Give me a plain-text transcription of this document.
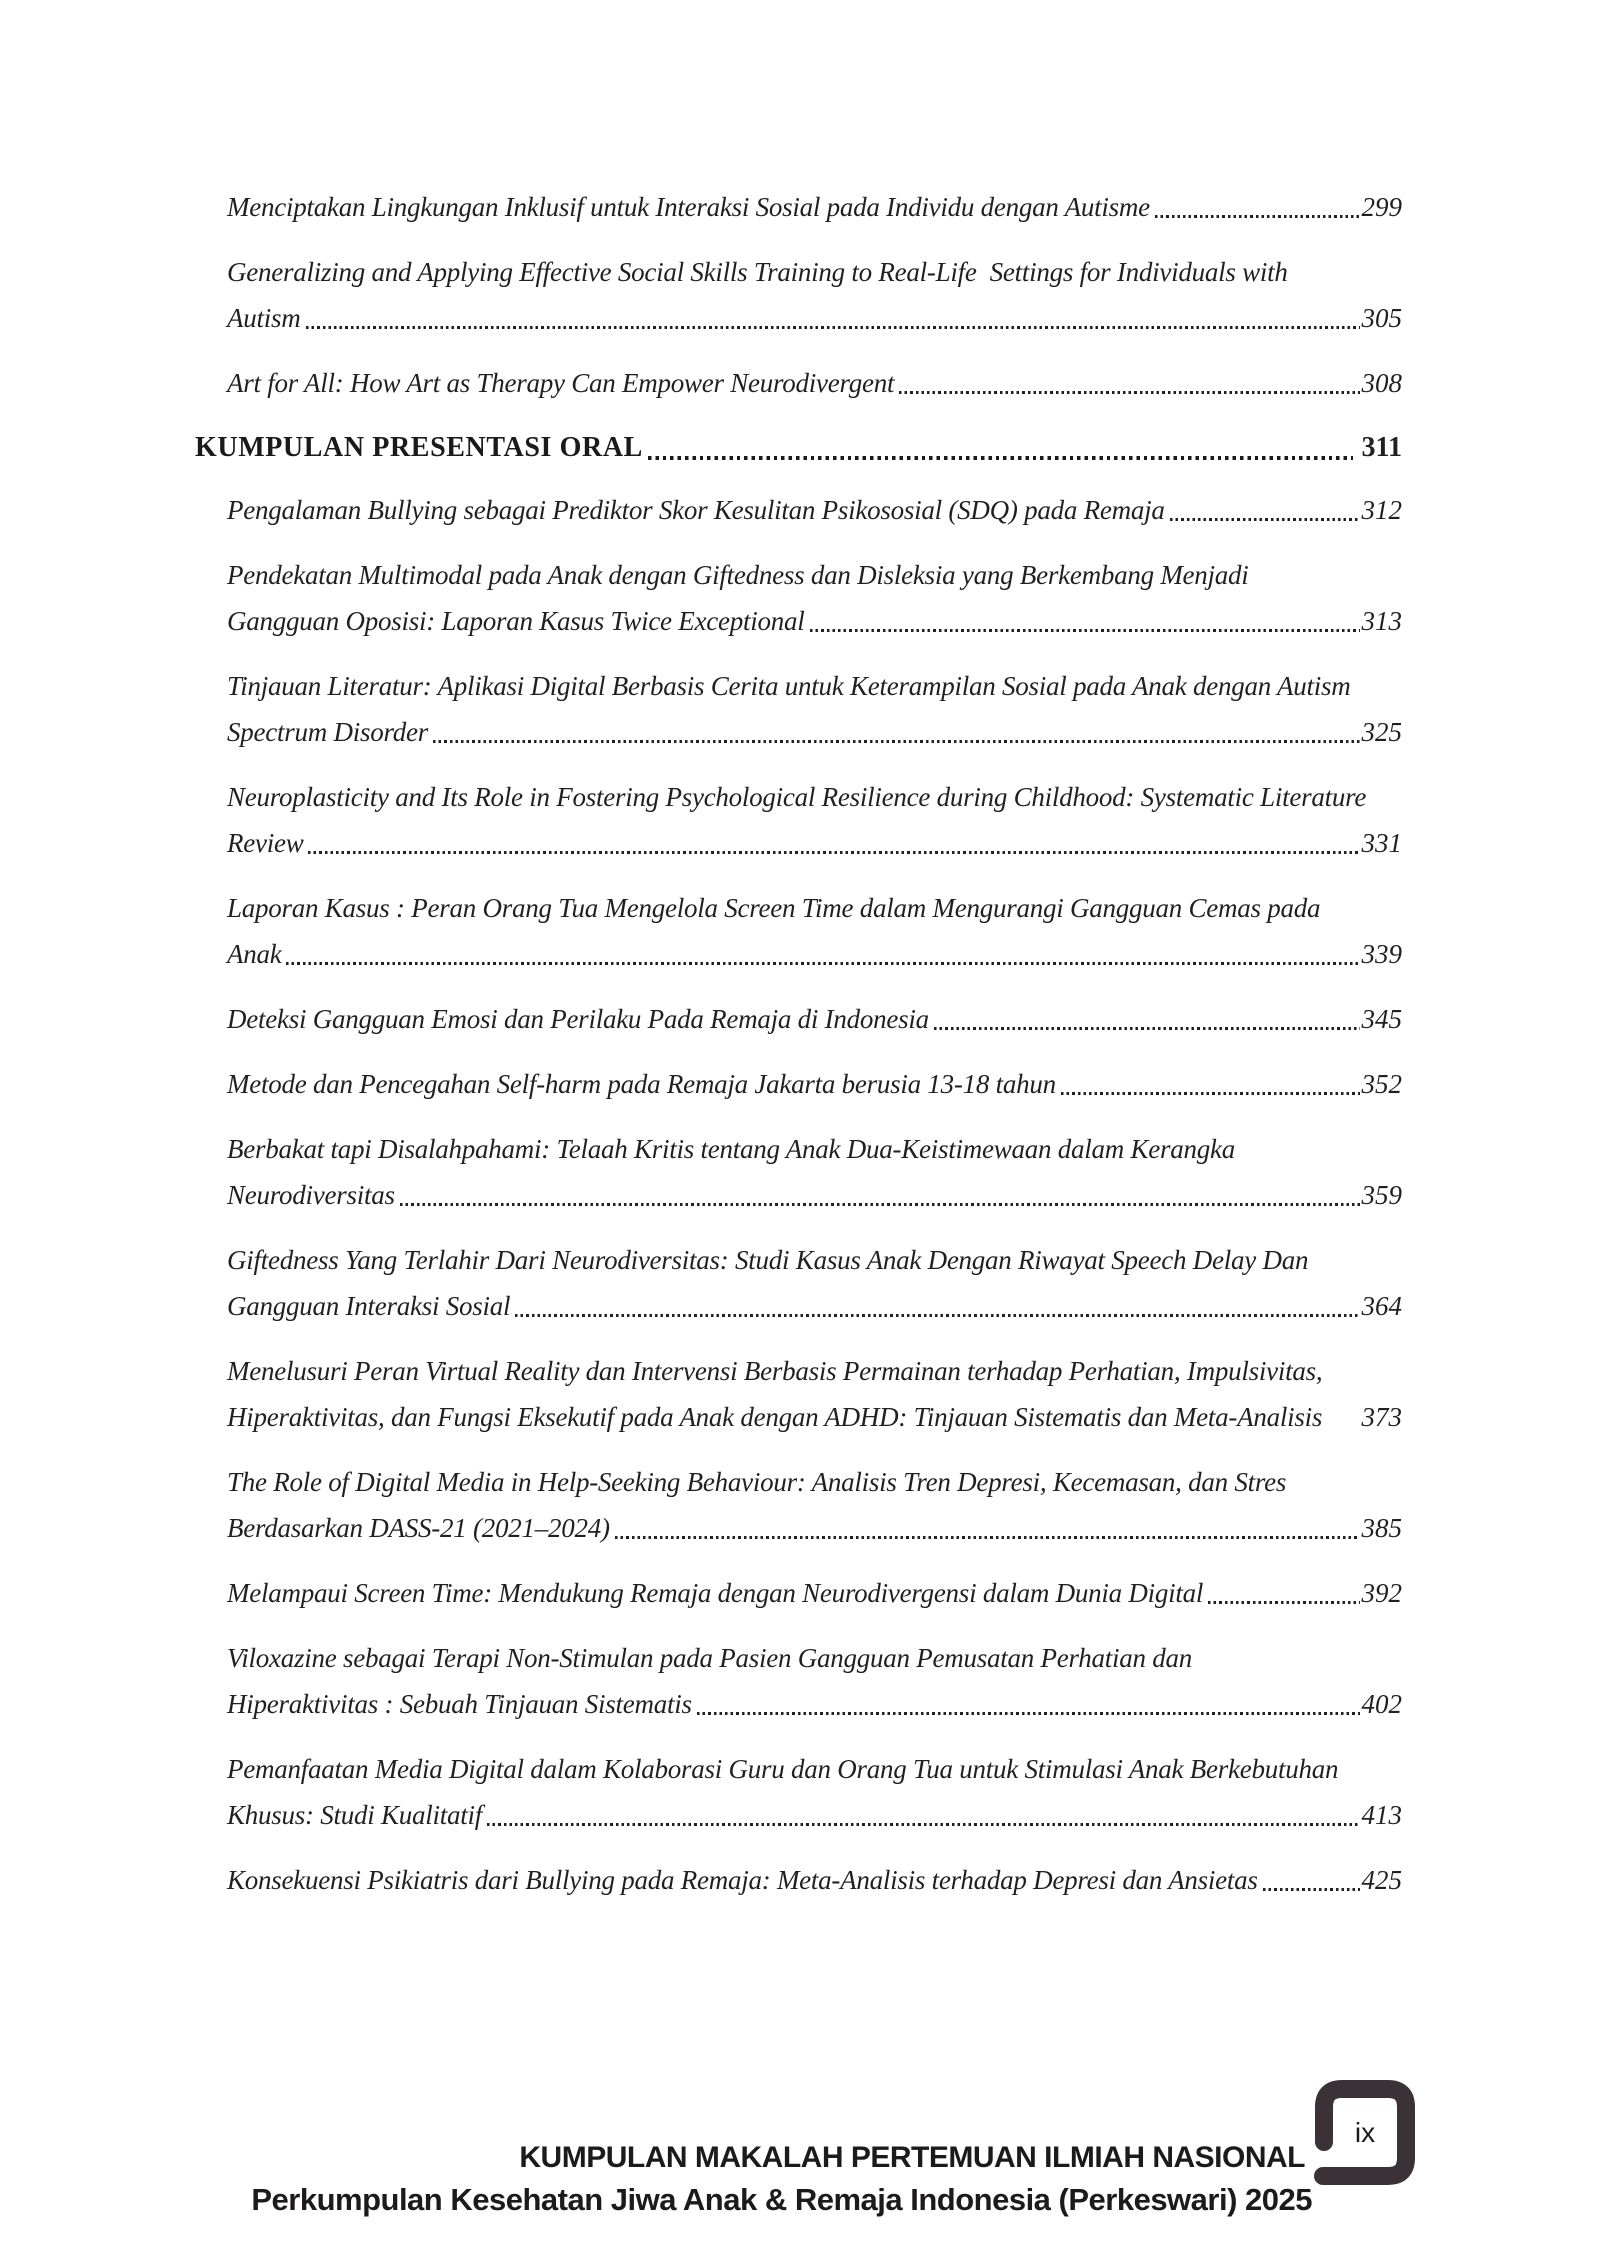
Menciptakan Lingkungan Inklusif untuk Interaksi Sosial pada Individu dengan Autisme	299
Generalizing and Applying Effective Social Skills Training to Real-Life  Settings for Individuals with
Autism	305
Art for All: How Art as Therapy Can Empower Neurodivergent	308
KUMPULAN PRESENTASI ORAL	311
Pengalaman Bullying sebagai Prediktor Skor Kesulitan Psikososial (SDQ) pada Remaja	312
Pendekatan Multimodal pada Anak dengan Giftedness dan Disleksia yang Berkembang Menjadi
Gangguan Oposisi: Laporan Kasus Twice Exceptional	313
Tinjauan Literatur: Aplikasi Digital Berbasis Cerita untuk Keterampilan Sosial pada Anak dengan Autism
Spectrum Disorder	325
Neuroplasticity and Its Role in Fostering Psychological Resilience during Childhood: Systematic Literature
Review	331
Laporan Kasus : Peran Orang Tua Mengelola Screen Time dalam Mengurangi Gangguan Cemas pada
Anak	339
Deteksi Gangguan Emosi dan Perilaku Pada Remaja di Indonesia	345
Metode dan Pencegahan Self-harm pada Remaja Jakarta berusia 13-18 tahun	352
Berbakat tapi Disalahpahami: Telaah Kritis tentang Anak Dua-Keistimewaan dalam Kerangka
Neurodiversitas	359
Giftedness Yang Terlahir Dari Neurodiversitas: Studi Kasus Anak Dengan Riwayat Speech Delay Dan
Gangguan Interaksi Sosial	364
Menelusuri Peran Virtual Reality dan Intervensi Berbasis Permainan terhadap Perhatian, Impulsivitas,
Hiperaktivitas, dan Fungsi Eksekutif pada Anak dengan ADHD: Tinjauan Sistematis dan Meta-Analisis 373
The Role of Digital Media in Help-Seeking Behaviour: Analisis Tren Depresi, Kecemasan, dan Stres
Berdasarkan DASS-21 (2021–2024)	385
Melampaui Screen Time: Mendukung Remaja dengan Neurodivergensi dalam Dunia Digital	392
Viloxazine sebagai Terapi Non-Stimulan pada Pasien Gangguan Pemusatan Perhatian dan
Hiperaktivitas : Sebuah Tinjauan Sistematis	402
Pemanfaatan Media Digital dalam Kolaborasi Guru dan Orang Tua untuk Stimulasi Anak Berkebutuhan
Khusus: Studi Kualitatif	413
Konsekuensi Psikiatris dari Bullying pada Remaja: Meta-Analisis terhadap Depresi dan Ansietas	425
KUMPULAN MAKALAH PERTEMUAN ILMIAH NASIONAL
Perkumpulan Kesehatan Jiwa Anak & Remaja Indonesia (Perkeswari) 2025
ix
